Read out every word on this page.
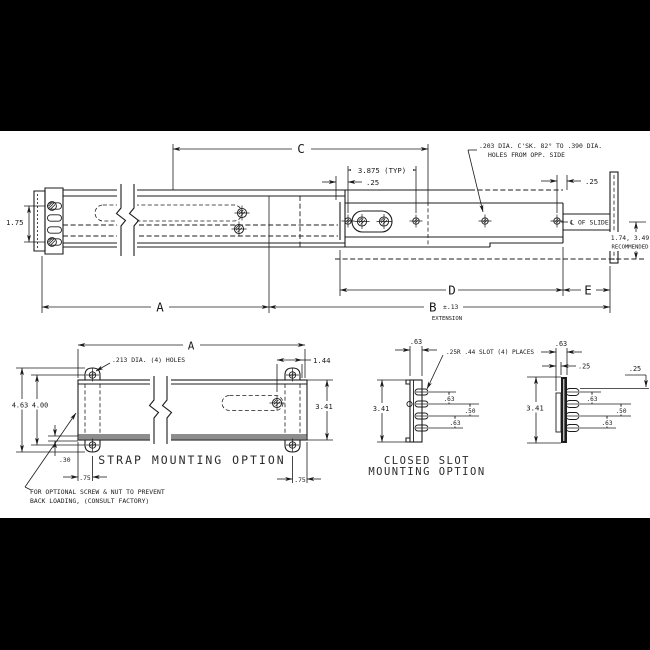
1.75
C
3.875 (TYP)
.25
.203 DIA. C'SK. 82° TO .390 DIA.
HOLES FROM OPP. SIDE
.25
℄ OF SLIDE
1.74, 3.49
RECOMMENDED
D	E
A	B ±.13
EXTENSION
A
.213 DIA. (4) HOLES	1.44
4.63 4.00	3.41
.30
.75	.75
FOR OPTIONAL SCREW & NUT TO PREVENT
BACK LOADING, (CONSULT FACTORY)
STRAP MOUNTING OPTION
.63
.25R .44 SLOT (4) PLACES
3.41
.63
.50
.63
CLOSED SLOT
MOUNTING OPTION
.63
.25	.25
3.41
.63
.50
.63
